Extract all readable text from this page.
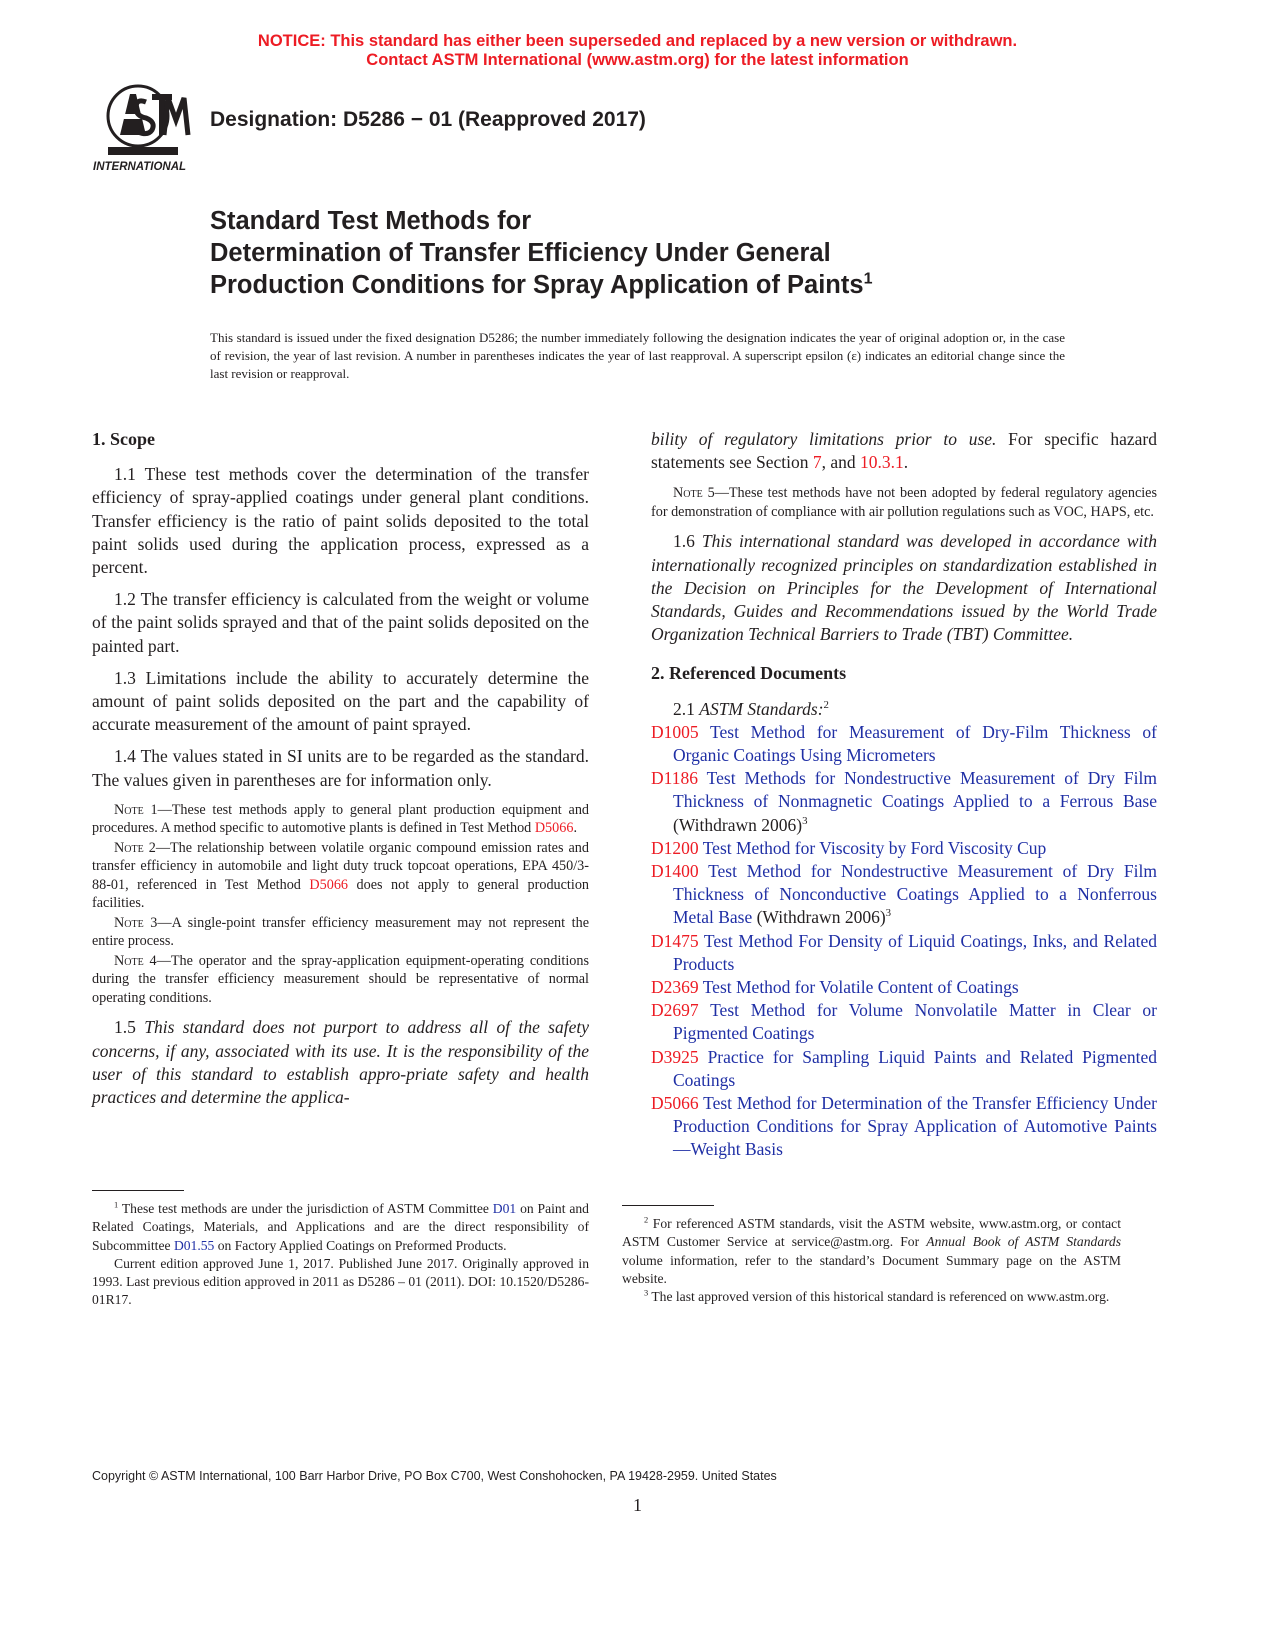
NOTICE: This standard has either been superseded and replaced by a new version or withdrawn.
Contact ASTM International (www.astm.org) for the latest information
INTERNATIONAL
Designation: D5286 − 01 (Reapproved 2017)
Standard Test Methods for
Determination of Transfer Efficiency Under General
Production Conditions for Spray Application of Paints$^1$
This standard is issued under the fixed designation D5286; the number immediately following the designation indicates the year of original adoption or, in the case of revision, the year of last revision. A number in parentheses indicates the year of last reapproval. A superscript epsilon (ε) indicates an editorial change since the last revision or reapproval.
1. Scope

1.1 These test methods cover the determination of the transfer efficiency of spray-applied coatings under general plant conditions. Transfer efficiency is the ratio of paint solids deposited to the total paint solids used during the application process, expressed as a percent.

1.2 The transfer efficiency is calculated from the weight or volume of the paint solids sprayed and that of the paint solids deposited on the painted part.

1.3 Limitations include the ability to accurately determine the amount of paint solids deposited on the part and the capability of accurate measurement of the amount of paint sprayed.

1.4 The values stated in SI units are to be regarded as the standard. The values given in parentheses are for information only.

Note 1—These test methods apply to general plant production equipment and procedures. A method specific to automotive plants is defined in Test Method D5066.

Note 2—The relationship between volatile organic compound emission rates and transfer efficiency in automobile and light duty truck topcoat operations, EPA 450/3-88-01, referenced in Test Method D5066 does not apply to general production facilities.

Note 3—A single-point transfer efficiency measurement may not represent the entire process.

Note 4—The operator and the spray-application equipment-operating conditions during the transfer efficiency measurement should be representative of normal operating conditions.

1.5 This standard does not purport to address all of the safety concerns, if any, associated with its use. It is the responsibility of the user of this standard to establish appro-priate safety and health practices and determine the applica-

bility of regulatory limitations prior to use. For specific hazard statements see Section 7, and 10.3.1.

Note 5—These test methods have not been adopted by federal regulatory agencies for demonstration of compliance with air pollution regulations such as VOC, HAPS, etc.

1.6 This international standard was developed in accordance with internationally recognized principles on standardization established in the Decision on Principles for the Development of International Standards, Guides and Recommendations issued by the World Trade Organization Technical Barriers to Trade (TBT) Committee.

2. Referenced Documents

2.1 ASTM Standards:$^2$

D1005 Test Method for Measurement of Dry-Film Thickness of Organic Coatings Using Micrometers

D1186 Test Methods for Nondestructive Measurement of Dry Film Thickness of Nonmagnetic Coatings Applied to a Ferrous Base (Withdrawn 2006)$^3$

D1200 Test Method for Viscosity by Ford Viscosity Cup

D1400 Test Method for Nondestructive Measurement of Dry Film Thickness of Nonconductive Coatings Applied to a Nonferrous Metal Base (Withdrawn 2006)$^3$

D1475 Test Method For Density of Liquid Coatings, Inks, and Related Products

D2369 Test Method for Volatile Content of Coatings

D2697 Test Method for Volume Nonvolatile Matter in Clear or Pigmented Coatings

D3925 Practice for Sampling Liquid Paints and Related Pigmented Coatings

D5066 Test Method for Determination of the Transfer Efficiency Under Production Conditions for Spray Application of Automotive Paints—Weight Basis

$^1$ These test methods are under the jurisdiction of ASTM Committee D01 on Paint and Related Coatings, Materials, and Applications and are the direct responsibility of Subcommittee D01.55 on Factory Applied Coatings on Preformed Products.

Current edition approved June 1, 2017. Published June 2017. Originally approved in 1993. Last previous edition approved in 2011 as D5286 – 01 (2011). DOI: 10.1520/D5286-01R17.

$^2$ For referenced ASTM standards, visit the ASTM website, www.astm.org, or contact ASTM Customer Service at service@astm.org. For Annual Book of ASTM Standards volume information, refer to the standard’s Document Summary page on the ASTM website.

$^3$ The last approved version of this historical standard is referenced on www.astm.org.

Copyright © ASTM International, 100 Barr Harbor Drive, PO Box C700, West Conshohocken, PA 19428-2959. United States
1
